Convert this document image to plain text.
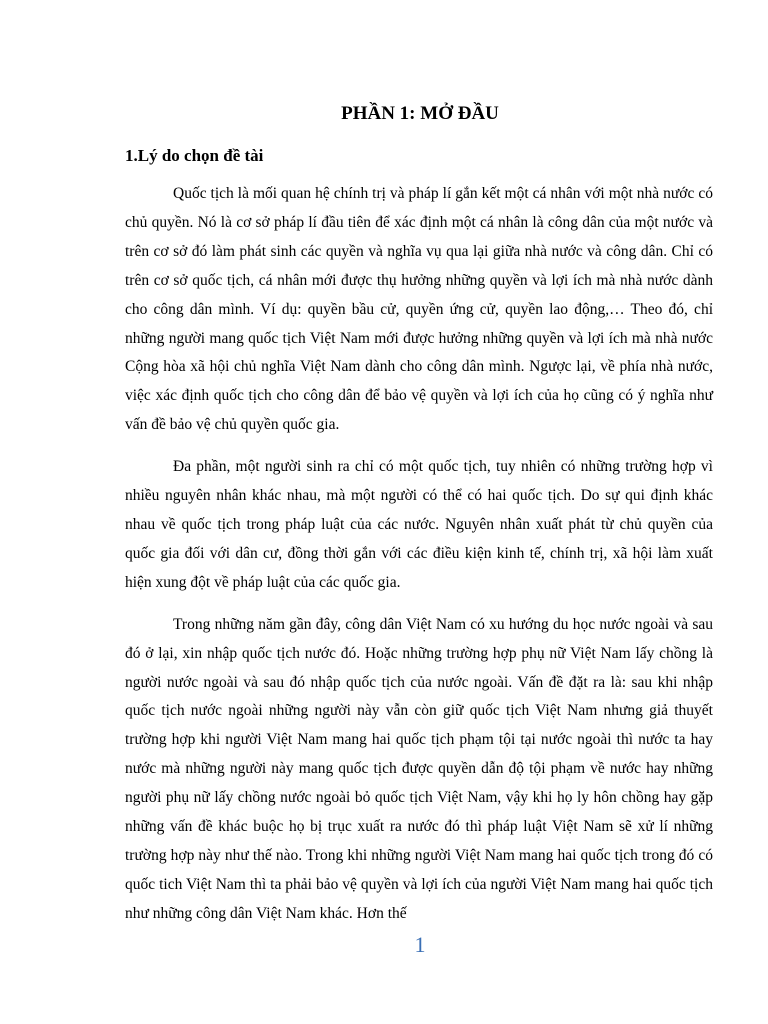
PHẦN 1: MỞ ĐẦU
1.Lý do chọn đề tài

Quốc tịch là mối quan hệ chính trị và pháp lí gắn kết một cá nhân với một nhà nước có chủ quyền. Nó là cơ sở pháp lí đầu tiên để xác định một cá nhân là công dân của một nước và trên cơ sở đó làm phát sinh các quyền và nghĩa vụ qua lại giữa nhà nước và công dân. Chỉ có trên cơ sở quốc tịch, cá nhân mới được thụ hưởng những quyền và lợi ích mà nhà nước dành cho công dân mình. Ví dụ: quyền bầu cử, quyền ứng cử, quyền lao động,… Theo đó, chỉ những người mang quốc tịch Việt Nam mới được hưởng những quyền và lợi ích mà nhà nước Cộng hòa xã hội chủ nghĩa Việt Nam dành cho công dân mình. Ngược lại, về phía nhà nước, việc xác định quốc tịch cho công dân để bảo vệ quyền và lợi ích của họ cũng có ý nghĩa như vấn đề bảo vệ chủ quyền quốc gia.

Đa phần, một người sinh ra chỉ có một quốc tịch, tuy nhiên có những trường hợp vì nhiều nguyên nhân khác nhau, mà một người có thể có hai quốc tịch. Do sự qui định khác nhau về quốc tịch trong pháp luật của các nước. Nguyên nhân xuất phát từ chủ quyền của quốc gia đối với dân cư, đồng thời gắn với các điều kiện kinh tế, chính trị, xã hội làm xuất hiện xung đột về pháp luật của các quốc gia.

Trong những năm gần đây, công dân Việt Nam có xu hướng du học nước ngoài và sau đó ở lại, xin nhập quốc tịch nước đó. Hoặc những trường hợp phụ nữ Việt Nam lấy chồng là người nước ngoài và sau đó nhập quốc tịch của nước ngoài. Vấn đề đặt ra là: sau khi nhập quốc tịch nước ngoài những người này vẫn còn giữ quốc tịch Việt Nam nhưng giả thuyết trường hợp khi người Việt Nam mang hai quốc tịch phạm tội tại nước ngoài thì nước ta hay nước mà những người này mang quốc tịch được quyền dẫn độ tội phạm về nước hay những người phụ nữ lấy chồng nước ngoài bỏ quốc tịch Việt Nam, vậy khi họ ly hôn chồng hay gặp những vấn đề khác buộc họ bị trục xuất ra nước đó thì pháp luật Việt Nam sẽ xử lí những trường hợp này như thế nào. Trong khi những người Việt Nam mang hai quốc tịch trong đó có quốc tich Việt Nam thì ta phải bảo vệ quyền và lợi ích của người Việt Nam mang hai quốc tịch như những công dân Việt Nam khác. Hơn thế

1
